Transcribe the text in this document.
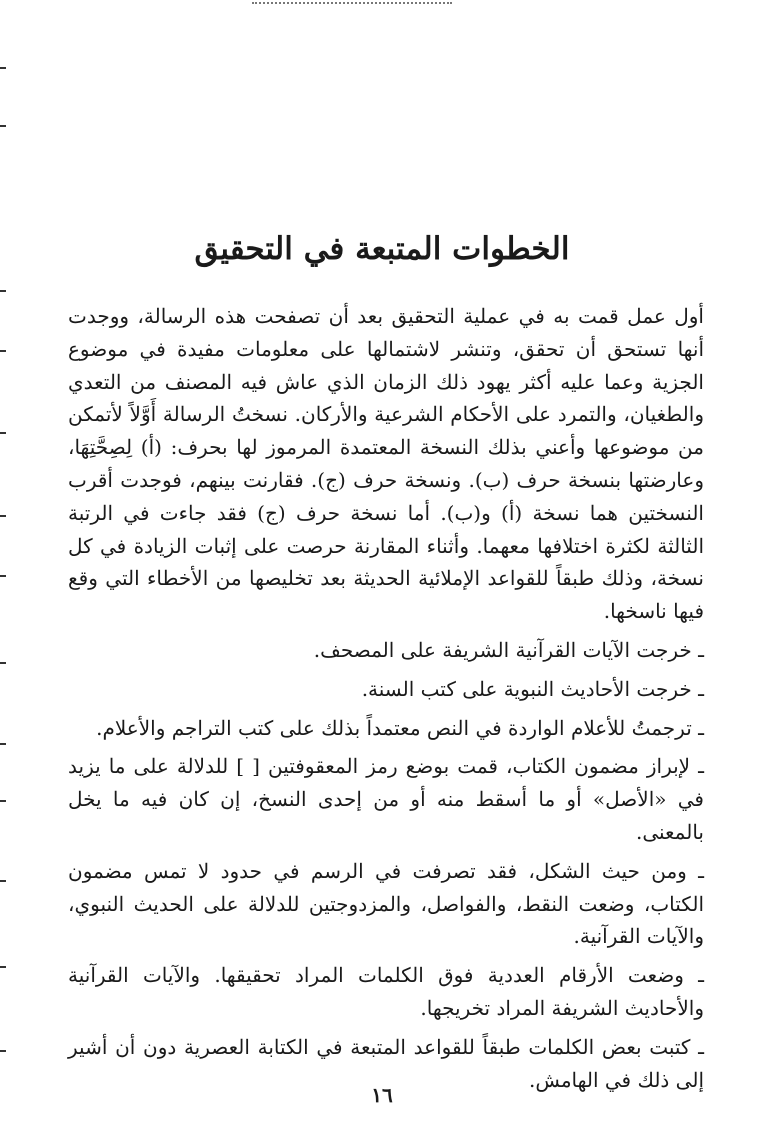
الخطوات المتبعة في التحقيق

أول عمل قمت به في عملية التحقيق بعد أن تصفحت هذه الرسالة، ووجدت أنها تستحق أن تحقق، وتنشر لاشتمالها على معلومات مفيدة في موضوع الجزية وعما عليه أكثر يهود ذلك الزمان الذي عاش فيه المصنف من التعدي والطغيان، والتمرد على الأحكام الشرعية والأركان. نسختُ الرسالة أَوَّلاً لأتمكن من موضوعها وأعني بذلك النسخة المعتمدة المرموز لها بحرف: (أ) لِصِحَّتِهَا، وعارضتها بنسخة حرف (ب). ونسخة حرف (ج). فقارنت بينهم، فوجدت أقرب النسختين هما نسخة (أ) و(ب). أما نسخة حرف (ج) فقد جاءت في الرتبة الثالثة لكثرة اختلافها معهما. وأثناء المقارنة حرصت على إثبات الزيادة في كل نسخة، وذلك طبقاً للقواعد الإملائية الحديثة بعد تخليصها من الأخطاء التي وقع فيها ناسخها.

ـ خرجت الآيات القرآنية الشريفة على المصحف.

ـ خرجت الأحاديث النبوية على كتب السنة.

ـ ترجمتُ للأعلام الواردة في النص معتمداً بذلك على كتب التراجم والأعلام.

ـ لإبراز مضمون الكتاب، قمت بوضع رمز المعقوفتين [ ] للدلالة على ما يزيد في «الأصل» أو ما أسقط منه أو من إحدى النسخ، إن كان فيه ما يخل بالمعنى.

ـ ومن حيث الشكل، فقد تصرفت في الرسم في حدود لا تمس مضمون الكتاب، وضعت النقط، والفواصل، والمزدوجتين للدلالة على الحديث النبوي، والآيات القرآنية.

ـ وضعت الأرقام العددية فوق الكلمات المراد تحقيقها. والآيات القرآنية والأحاديث الشريفة المراد تخريجها.

ـ كتبت بعض الكلمات طبقاً للقواعد المتبعة في الكتابة العصرية دون أن أشير إلى ذلك في الهامش.

١٦
